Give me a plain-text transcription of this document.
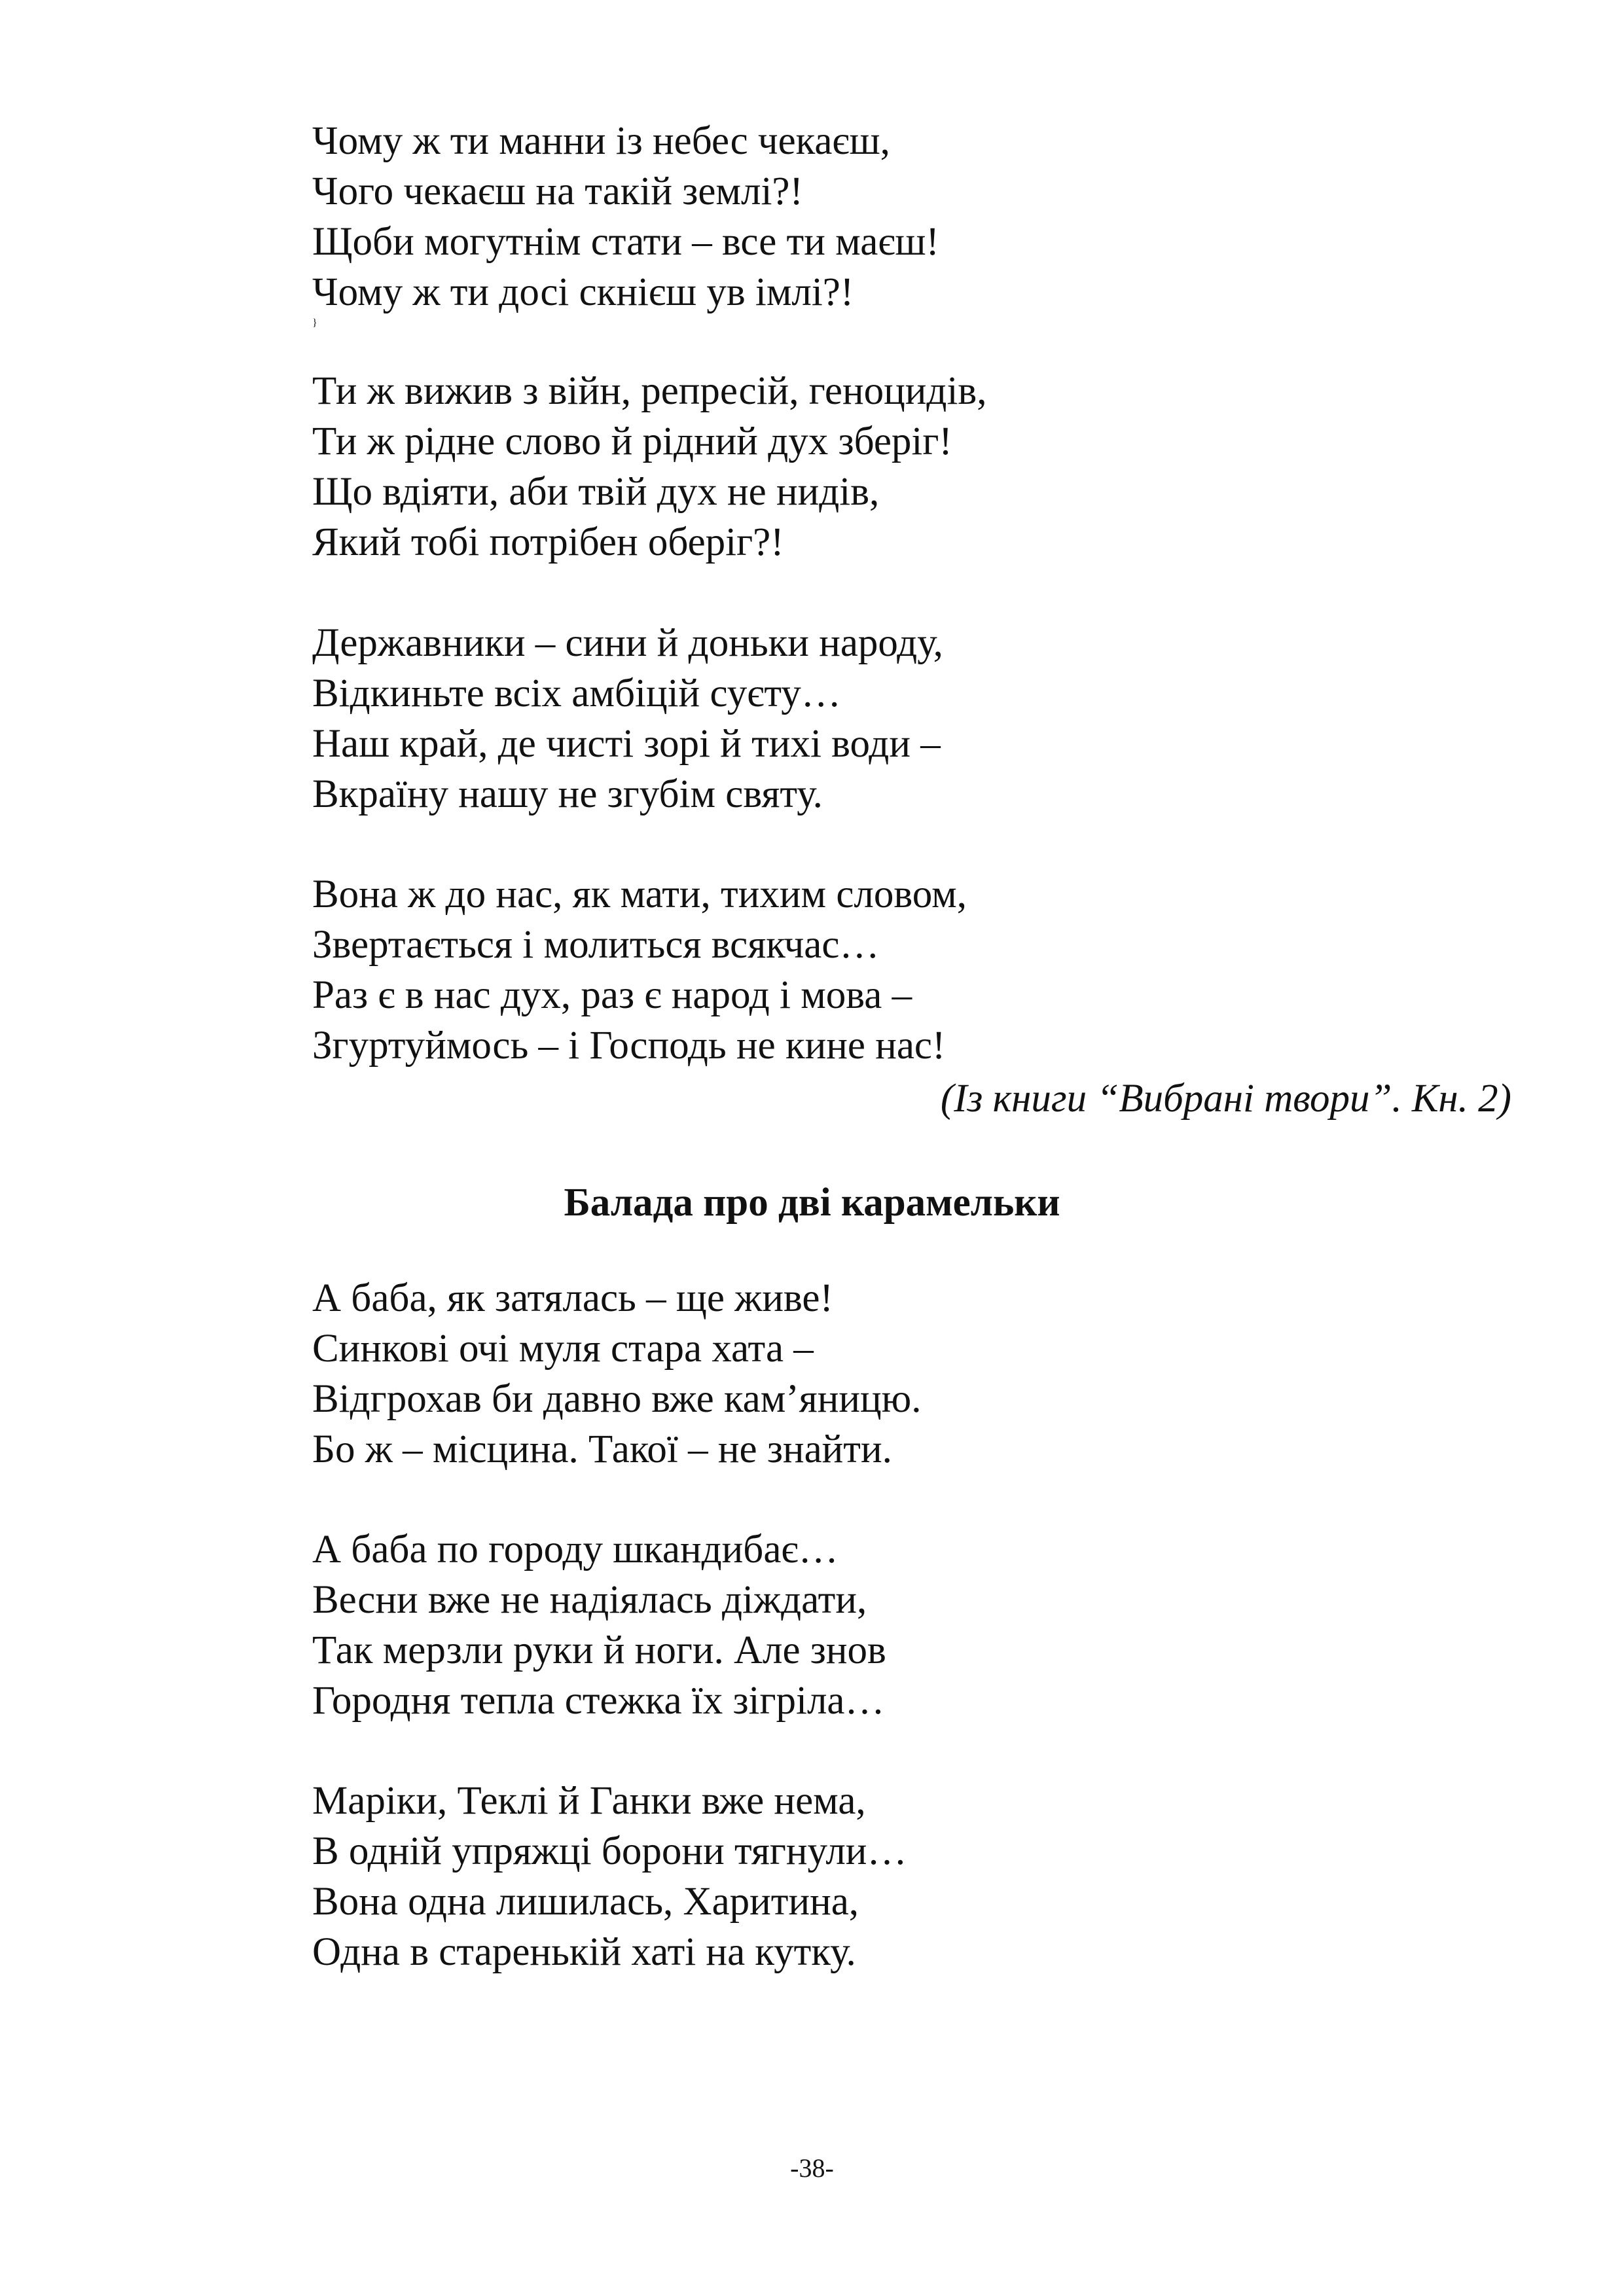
Чому ж ти манни із небес чекаєш,
Чого чекаєш на такій землі?!
Щоби могутнім стати – все ти маєш!
Чому ж ти досі скнієш ув імлі?!
}
Ти ж вижив з війн, репресій, геноцидів,
Ти ж рідне слово й рідний дух зберіг!
Що вдіяти, аби твій дух не нидів,
Який тобі потрібен оберіг?!
Державники – сини й доньки народу,
Відкиньте всіх амбіцій суєту…
Наш край, де чисті зорі й тихі води –
Вкраїну нашу не згубім святу.
Вона ж до нас, як мати, тихим словом,
Звертається і молиться всякчас…
Раз є в нас дух, раз є народ і мова –
Згуртуймось – і Господь не кине нас!
(Із книги “Вибрані твори”. Кн. 2)
Балада про дві карамельки
А баба, як затялась – ще живе!
Синкові очі муля стара хата –
Відгрохав би давно вже кам’яницю.
Бо ж – місцина. Такої – не знайти.
А баба по городу шкандибає…
Весни вже не надіялась діждати,
Так мерзли руки й ноги. Але знов
Городня тепла стежка їх зігріла…
Маріки, Теклі й Ганки вже нема,
В одній упряжці борони тягнули…
Вона одна лишилась, Харитина,
Одна в старенькій хаті на кутку.
-38-
